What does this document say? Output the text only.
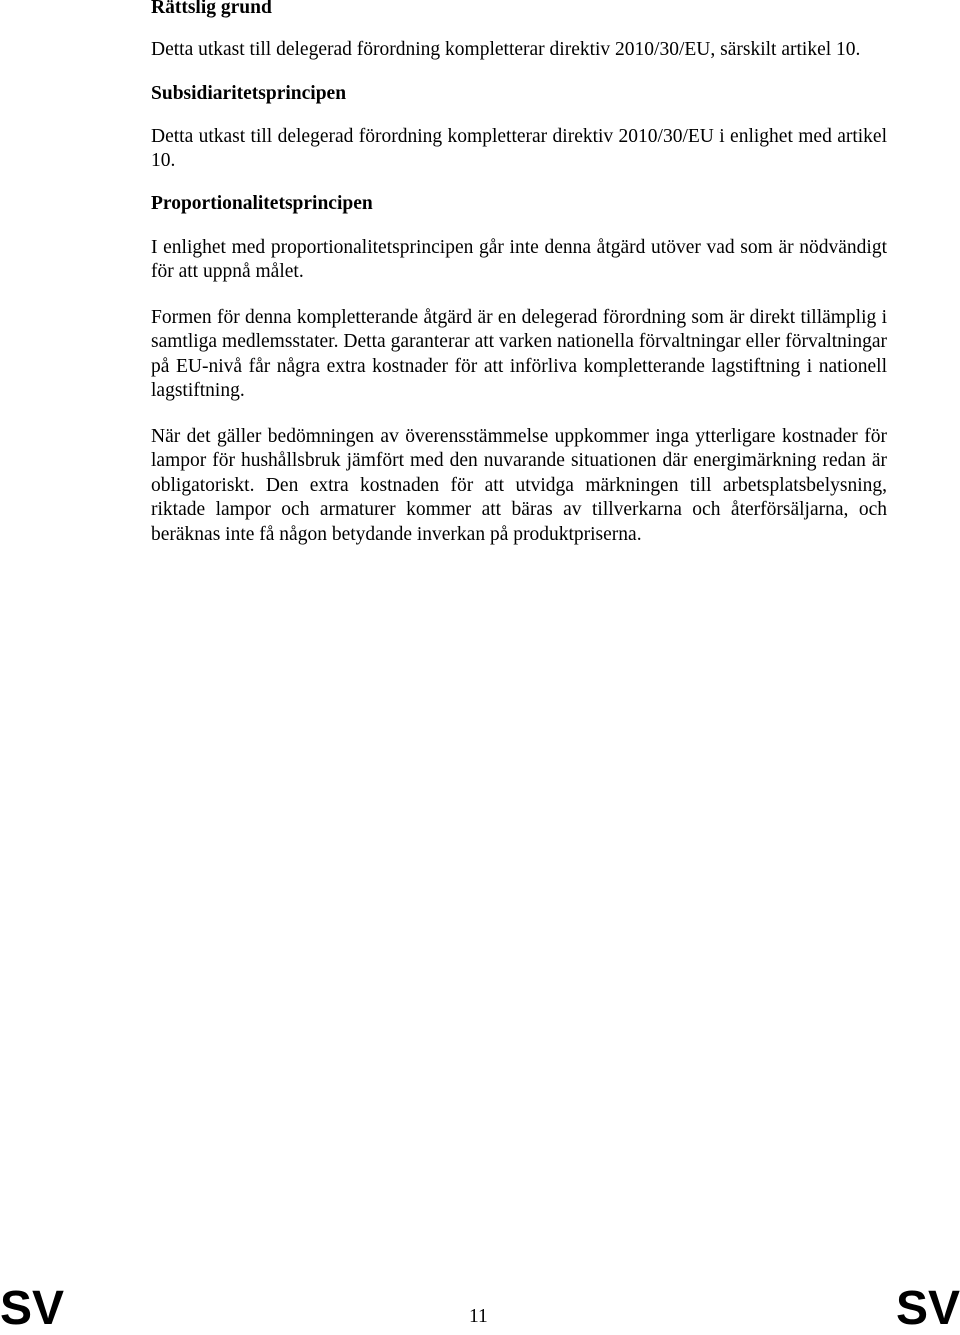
Rättslig grund

Detta utkast till delegerad förordning kompletterar direktiv 2010/30/EU, särskilt artikel 10.

Subsidiaritetsprincipen

Detta utkast till delegerad förordning kompletterar direktiv 2010/30/EU i enlighet med artikel 10.

Proportionalitetsprincipen

I enlighet med proportionalitetsprincipen går inte denna åtgärd utöver vad som är nödvändigt för att uppnå målet.

Formen för denna kompletterande åtgärd är en delegerad förordning som är direkt tillämplig i samtliga medlemsstater. Detta garanterar att varken nationella förvaltningar eller förvaltningar på EU-nivå får några extra kostnader för att införliva kompletterande lagstiftning i nationell lagstiftning.

När det gäller bedömningen av överensstämmelse uppkommer inga ytterligare kostnader för lampor för hushållsbruk jämfört med den nuvarande situationen där energimärkning redan är obligatoriskt. Den extra kostnaden för att utvidga märkningen till arbetsplatsbelysning, riktade lampor och armaturer kommer att bäras av tillverkarna och återförsäljarna, och beräknas inte få någon betydande inverkan på produktpriserna.

SV	11	SV
